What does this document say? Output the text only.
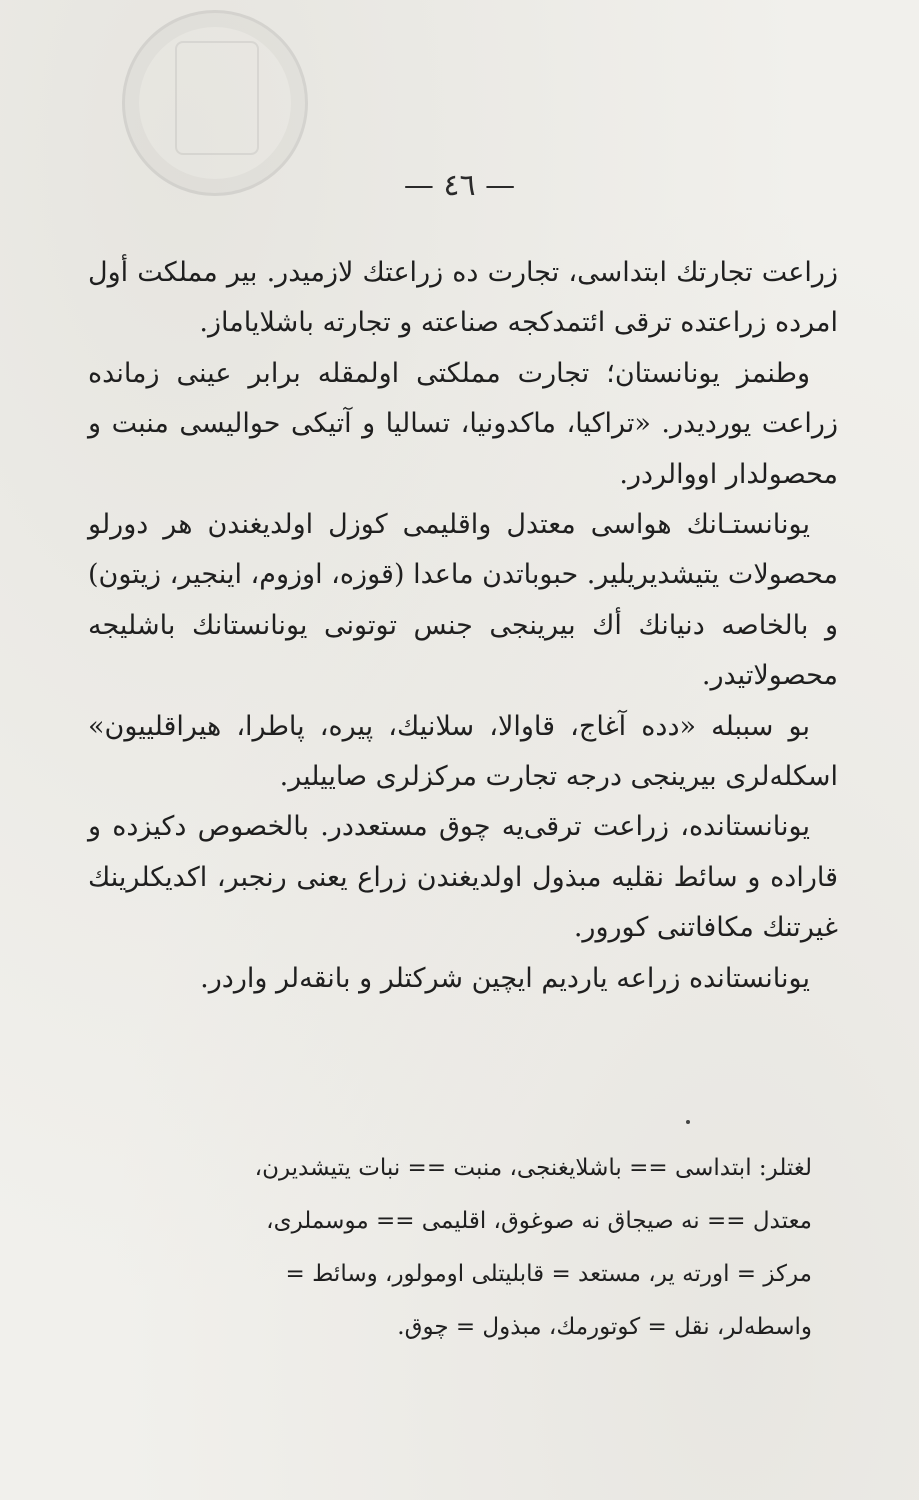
— ٤٦ —

زراعت تجارتك ابتداسی، تجارت ده زراعتك لازمیدر. بیر مملكت أول امرده زراعتده ترقی ائتمدكجه صناعته و تجارته باشلایاماز.

وطنمز یونانستان؛ تجارت مملكتی اولمقله برابر عینی زمانده زراعت یورديدر. «تراكیا، ماكدونیا، تسالیا و آتیكی حوالیسی منبت و محصولدار اووالردر.

یونانستـانك هواسی معتدل واقلیمی كوزل اولدیغندن هر دورلو محصولات یتیشدیریلیر. حبوباتدن ماعدا (قوزه، اوزوم، اینجیر، زیتون) و بالخاصه دنیانك أك بیرینجی جنس توتونی یونانستانك باشلیجه محصولاتیدر.

بو سببله «دده آغاج، قاوالا، سلانیك، پیره، پاطرا، هیراقلییون» اسكله‌لری بیرینجی درجه تجارت مركزلری صاییلیر.

یونانستانده، زراعت ترقی‌یه چوق مستعددر. بالخصوص دكیزده و قاراده و سائط نقلیه مبذول اولدیغندن زراع یعنی رنجبر، اكدیكلرینك غیرتنك مكافاتنی كورور.

یونانستانده زراعه یاردیم ایچین شركتلر و بانقه‌لر واردر.

لغتلر: ابتداسی == باشلایغنجی، منبت == نبات یتیشدیرن،

معتدل == نه صیجاق نه صوغوق، اقلیمی == موسملری،

مركز = اورته یر، مستعد = قابلیتلی اومولور، وسائط =

واسطه‌لر، نقل = كوتورمك، مبذول = چوق.
